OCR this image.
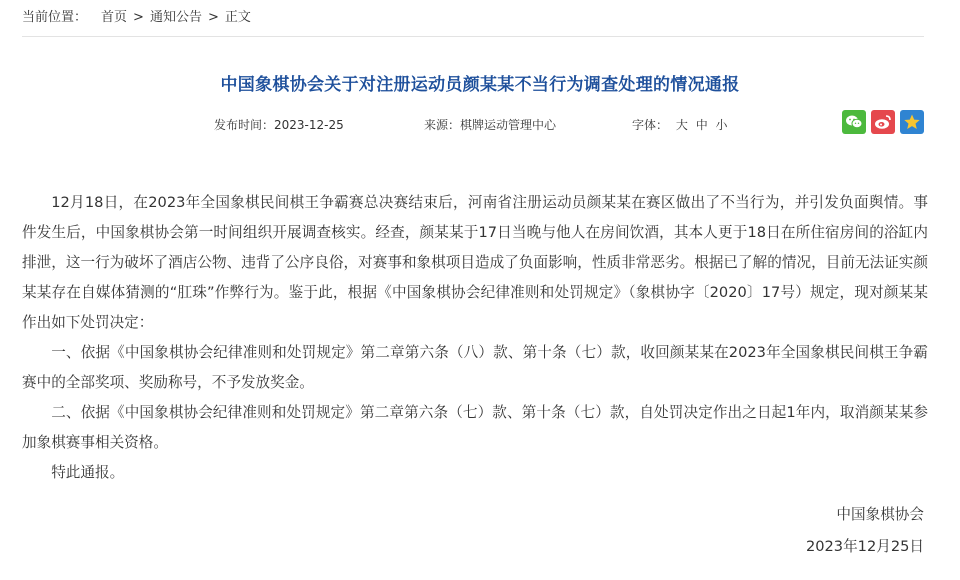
当前位置： 首页 > 通知公告 > 正文
中国象棋协会关于对注册运动员颜某某不当行为调查处理的情况通报
发布时间：2023-12-25	来源：棋牌运动管理中心	字体： 大 中 小

12月18日，在2023年全国象棋民间棋王争霸赛总决赛结束后，河南省注册运动员颜某某在赛区做出了不当行为，并引发负面舆情。事件发生后，中国象棋协会第一时间组织开展调查核实。经查，颜某某于17日当晚与他人在房间饮酒，其本人更于18日在所住宿房间的浴缸内排泄，这一行为破坏了酒店公物、违背了公序良俗，对赛事和象棋项目造成了负面影响，性质非常恶劣。根据已了解的情况，目前无法证实颜某某存在自媒体猜测的“肛珠”作弊行为。鉴于此，根据《中国象棋协会纪律准则和处罚规定》（象棋协字〔2020〕17号）规定，现对颜某某作出如下处罚决定：

一、依据《中国象棋协会纪律准则和处罚规定》第二章第六条（八）款、第十条（七）款，收回颜某某在2023年全国象棋民间棋王争霸赛中的全部奖项、奖励称号，不予发放奖金。

二、依据《中国象棋协会纪律准则和处罚规定》第二章第六条（七）款、第十条（七）款，自处罚决定作出之日起1年内，取消颜某某参加象棋赛事相关资格。

特此通报。

中国象棋协会
2023年12月25日
